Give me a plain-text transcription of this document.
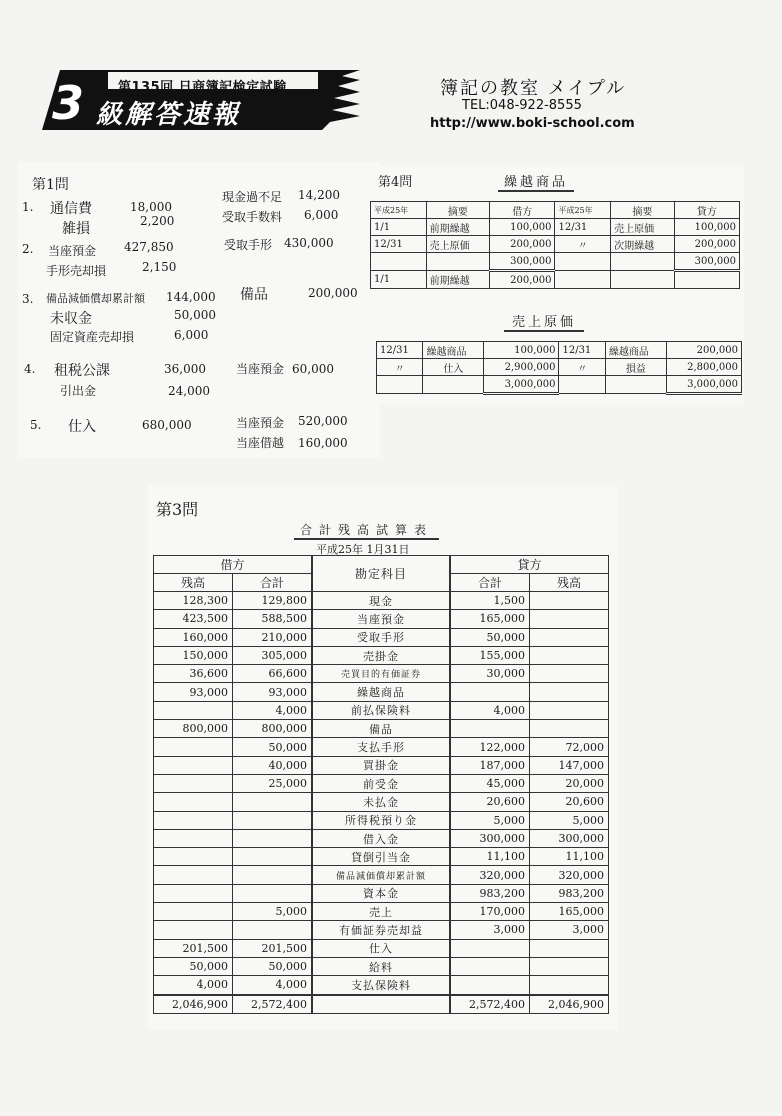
第135回 日商簿記検定試験
3 級解答速報
簿記の教室 メイプル
TEL:048-922-8555
http://www.boki-school.com
第1問
1. 通信費	18,000
現金過不足 14,200
雑損	2,200	受取手数料 6,000
2. 当座預金 427,850	受取手形 430,000
手形売却損	2,150
3. 備品減価償却累計額 144,000 備品	200,000
未収金	50,000
固定資産売却損	6,000
4. 租税公課	36,000	当座預金 60,000
引出金	24,000
5. 仕入	680,000	当座預金 520,000
当座借越 160,000
第4問	繰越商品
平成25年	摘要	借方	平成25年	摘要	貸方
1/1	前期繰越	100,000	12/31	売上原価	100,000
12/31	売上原価	200,000	〃	次期繰越	200,000
		300,000			300,000
1/1	前期繰越	200,000			
売上原価
12/31	繰越商品	100,000	12/31	繰越商品	200,000
〃	仕入	2,900,000	〃	損益	2,800,000
		3,000,000			3,000,000
第3問
合計残高試算表
平成25年 1月31日
借方		勘定科目	貸方	
残高	合計		合計	残高
128,300	129,800	現金	1,500	
423,500	588,500	当座預金	165,000	
160,000	210,000	受取手形	50,000	
150,000	305,000	売掛金	155,000	
36,600	66,600	売買目的有価証券	30,000	
93,000	93,000	繰越商品		
	4,000	前払保険料	4,000	
800,000	800,000	備品		
	50,000	支払手形	122,000	72,000
	40,000	買掛金	187,000	147,000
	25,000	前受金	45,000	20,000
		未払金	20,600	20,600
		所得税預り金	5,000	5,000
		借入金	300,000	300,000
		貸倒引当金	11,100	11,100
		備品減価償却累計額	320,000	320,000
		資本金	983,200	983,200
	5,000	売上	170,000	165,000
		有価証券売却益	3,000	3,000
201,500	201,500	仕入		
50,000	50,000	給料		
4,000	4,000	支払保険料		
2,046,900	2,572,400		2,572,400	2,046,900
